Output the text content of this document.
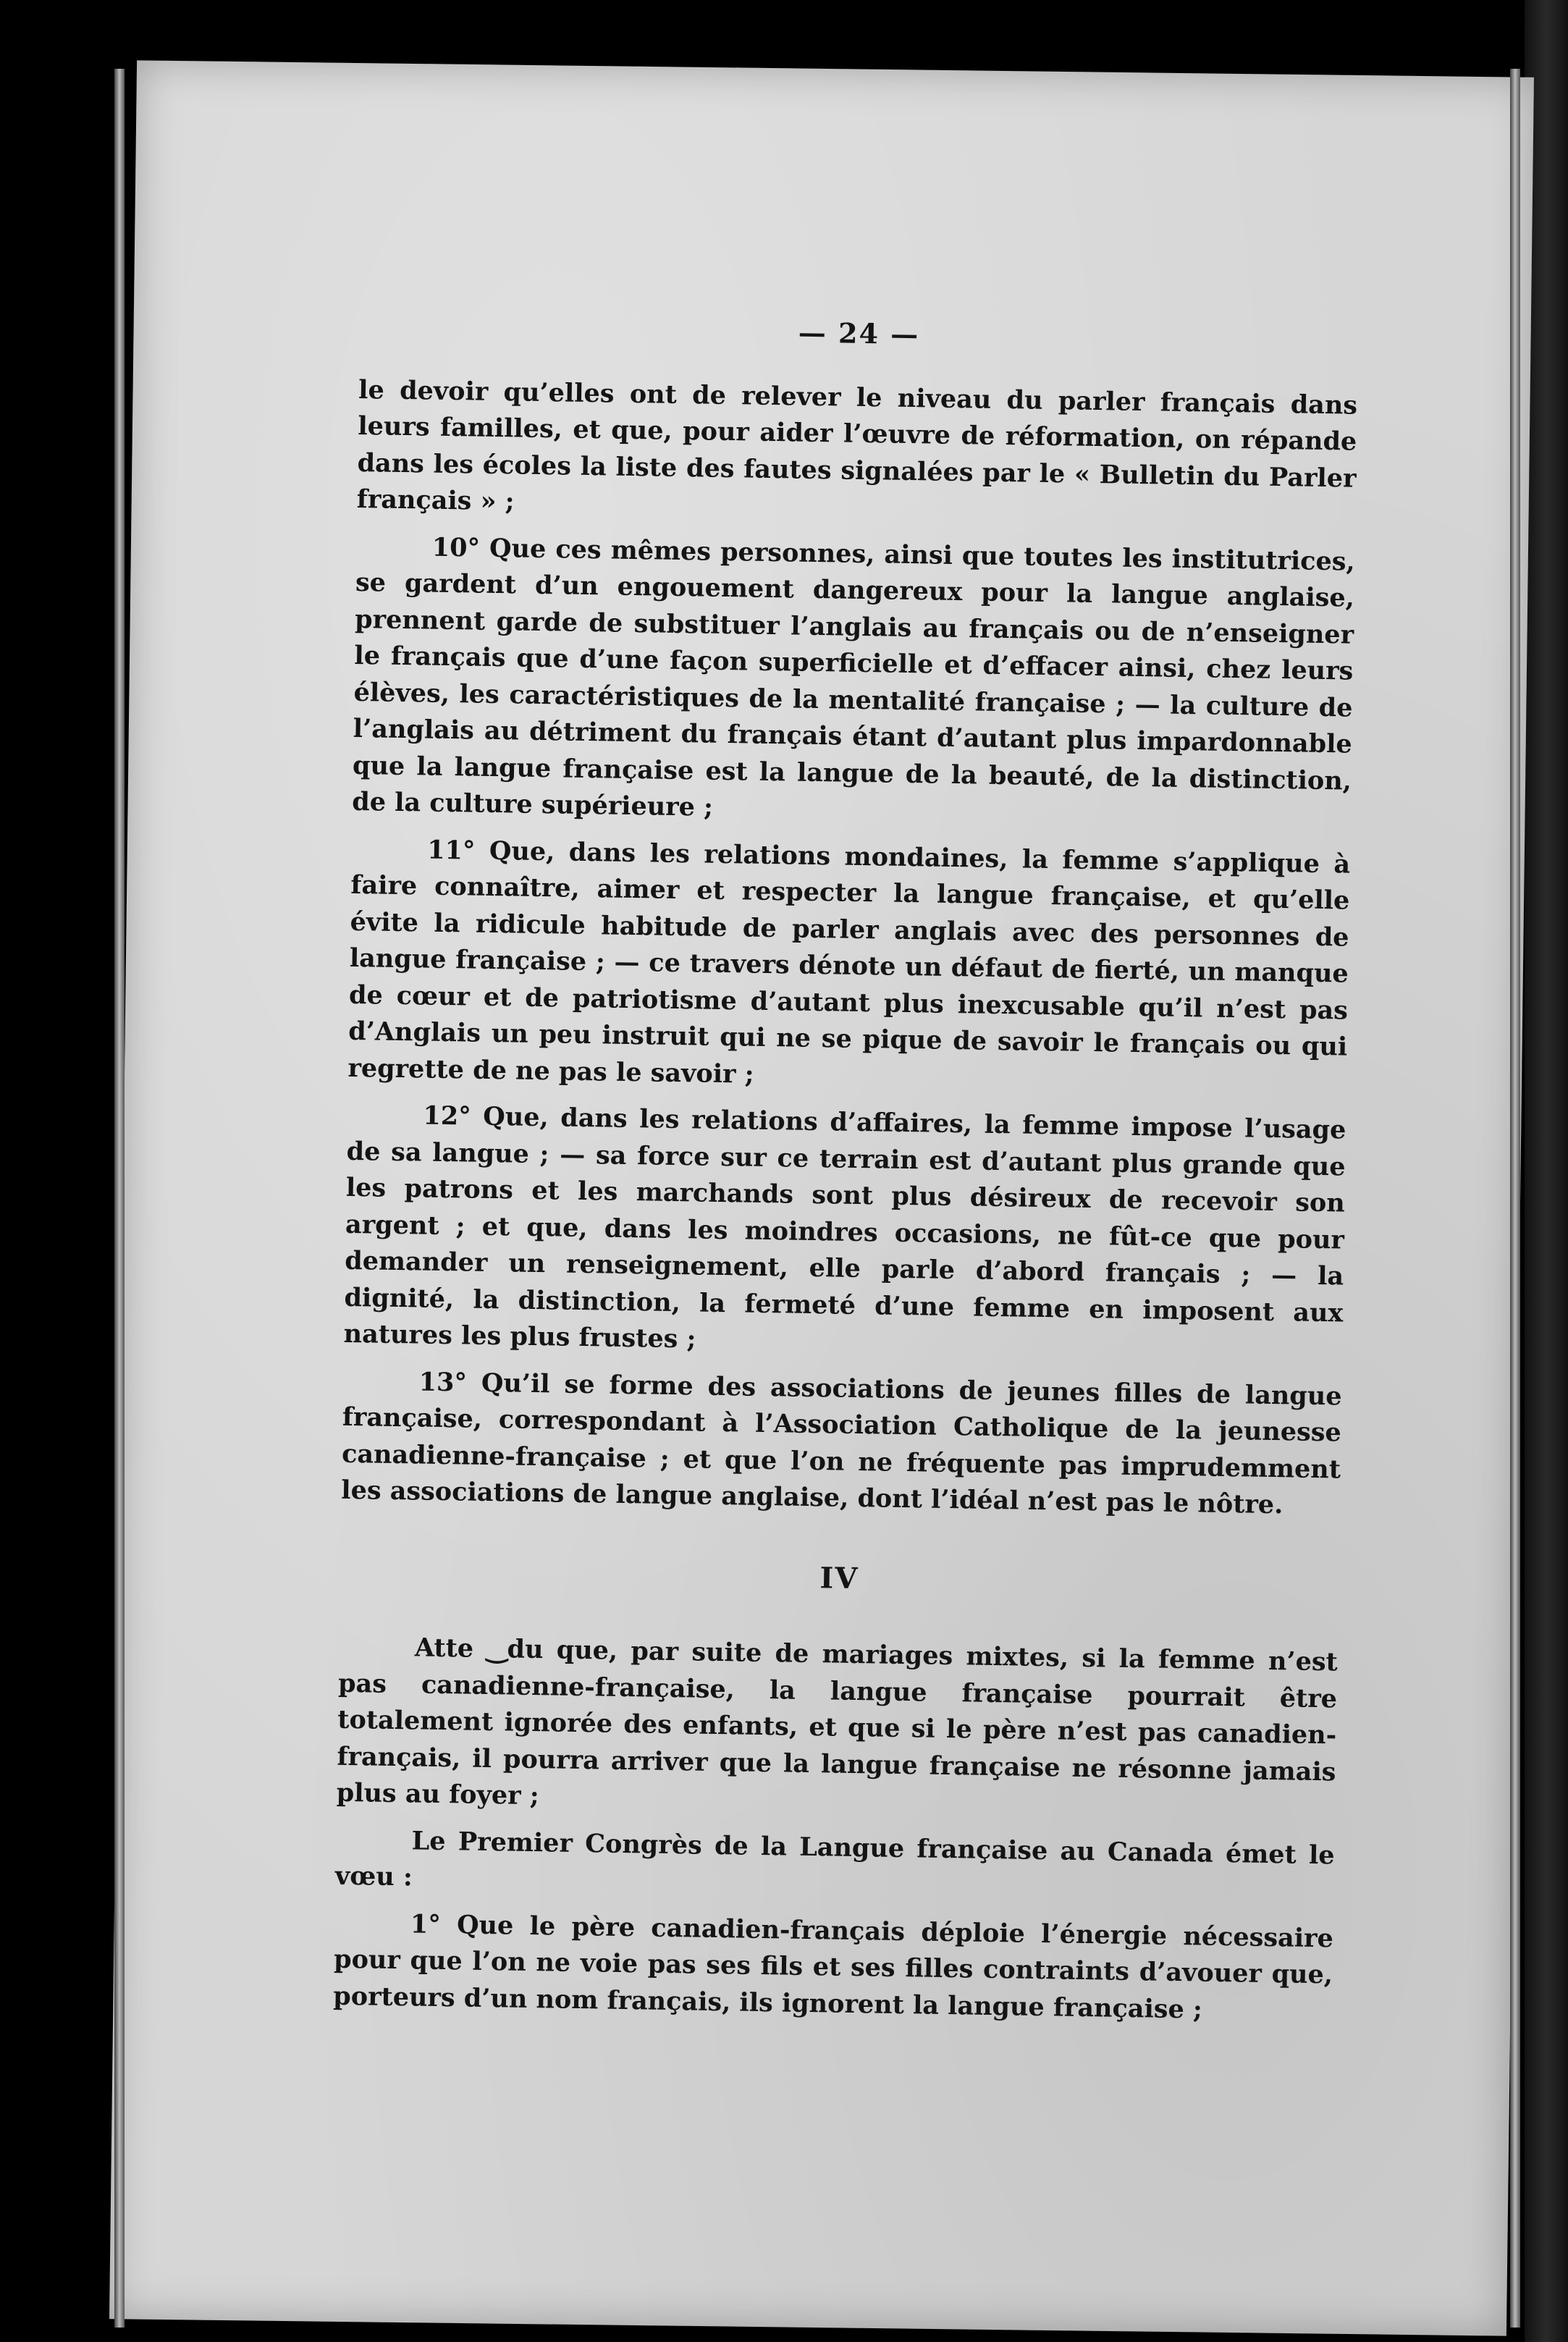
— 24 —

le devoir qu’elles ont de relever le niveau du parler français dans leurs familles, et que, pour aider l’œuvre de réformation, on répande dans les écoles la liste des fautes signalées par le « Bulletin du Parler français » ;

10° Que ces mêmes personnes, ainsi que toutes les institutrices, se gardent d’un engouement dangereux pour la langue anglaise, prennent garde de substituer l’anglais au français ou de n’enseigner le français que d’une façon superficielle et d’effacer ainsi, chez leurs élèves, les caractéristiques de la mentalité française ; — la culture de l’anglais au détriment du français étant d’autant plus impardonnable que la langue française est la langue de la beauté, de la distinction, de la culture supérieure ;

11° Que, dans les relations mondaines, la femme s’applique à faire connaître, aimer et respecter la langue française, et qu’elle évite la ridicule habitude de parler anglais avec des personnes de langue française ; — ce travers dénote un défaut de fierté, un manque de cœur et de patriotisme d’autant plus inexcusable qu’il n’est pas d’Anglais un peu instruit qui ne se pique de savoir le français ou qui regrette de ne pas le savoir ;

12° Que, dans les relations d’affaires, la femme impose l’usage de sa langue ; — sa force sur ce terrain est d’autant plus grande que les patrons et les marchands sont plus désireux de recevoir son argent ; et que, dans les moindres occasions, ne fût-ce que pour demander un renseignement, elle parle d’abord français ; — la dignité, la distinction, la fermeté d’une femme en imposent aux natures les plus frustes ;

13° Qu’il se forme des associations de jeunes filles de langue française, correspondant à l’Association Catholique de la jeunesse canadienne-française ; et que l’on ne fréquente pas imprudemment les associations de langue anglaise, dont l’idéal n’est pas le nôtre.

IV

Atte ‿du que, par suite de mariages mixtes, si la femme n’est pas canadienne-française, la langue française pourrait être totalement ignorée des enfants, et que si le père n’est pas canadien-français, il pourra arriver que la langue française ne résonne jamais plus au foyer ;

Le Premier Congrès de la Langue française au Canada émet le vœu :

1° Que le père canadien-français déploie l’énergie nécessaire pour que l’on ne voie pas ses fils et ses filles contraints d’avouer que, porteurs d’un nom français, ils ignorent la langue française ;
